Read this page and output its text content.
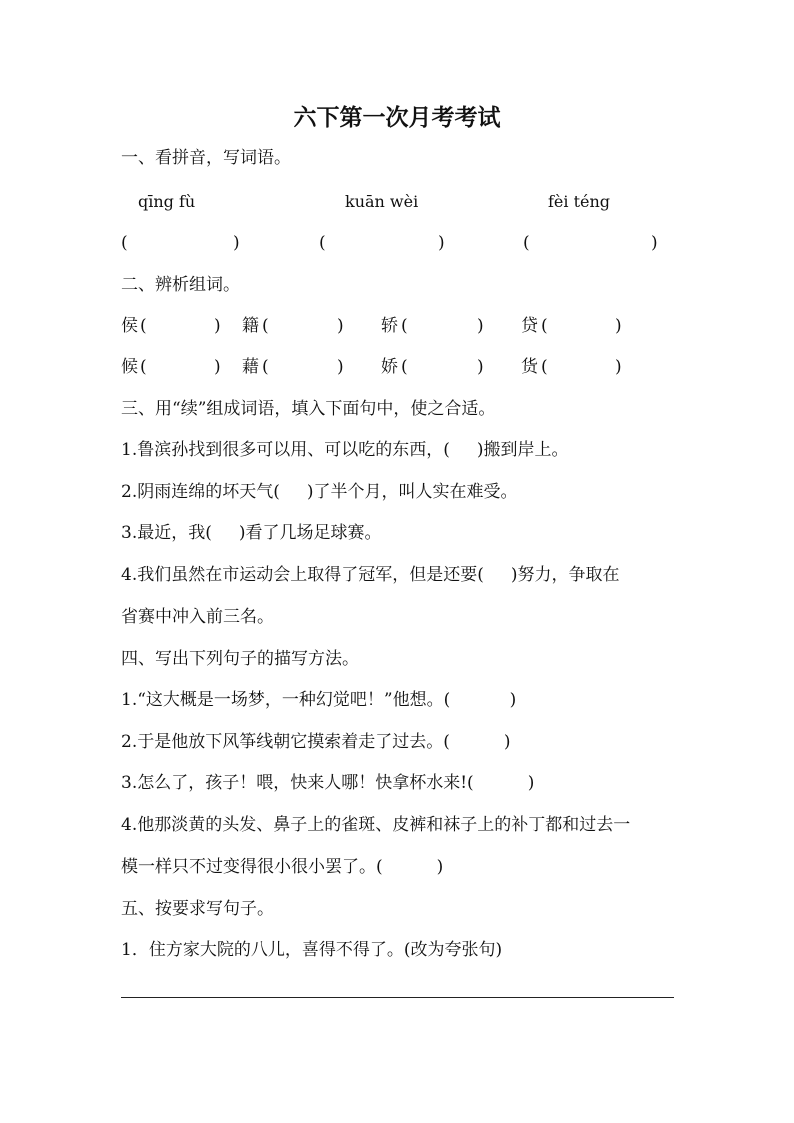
六下第一次月考考试
一、看拼音，写词语。
qīng fù	kuān wèi	fèi téng
(	)	(	)	(	)
二、辨析组词。
侯 (	) 籍 (	) 轿 (	) 贷 (	)
候 (	) 藉 (	) 娇 (	) 货 (	)
三、用“续”组成词语，填入下面句中，使之合适。
1.鲁滨孙找到很多可以用、可以吃的东西，(     )搬到岸上。
2.阴雨连绵的坏天气(     )了半个月，叫人实在难受。
3.最近，我(     )看了几场足球赛。
4.我们虽然在市运动会上取得了冠军，但是还要(     )努力，争取在
省赛中冲入前三名。
四、写出下列句子的描写方法。
1.“这大概是一场梦，一种幻觉吧！”他想。(           )
2.于是他放下风筝线朝它摸索着走了过去。(          )
3.怎么了，孩子！喂，快来人哪！快拿杯水来!(          )
4.他那淡黄的头发、鼻子上的雀斑、皮裤和袜子上的补丁都和过去一
模一样只不过变得很小很小罢了。(          )
五、按要求写句子。
1．住方家大院的八儿，喜得不得了。(改为夸张句)
